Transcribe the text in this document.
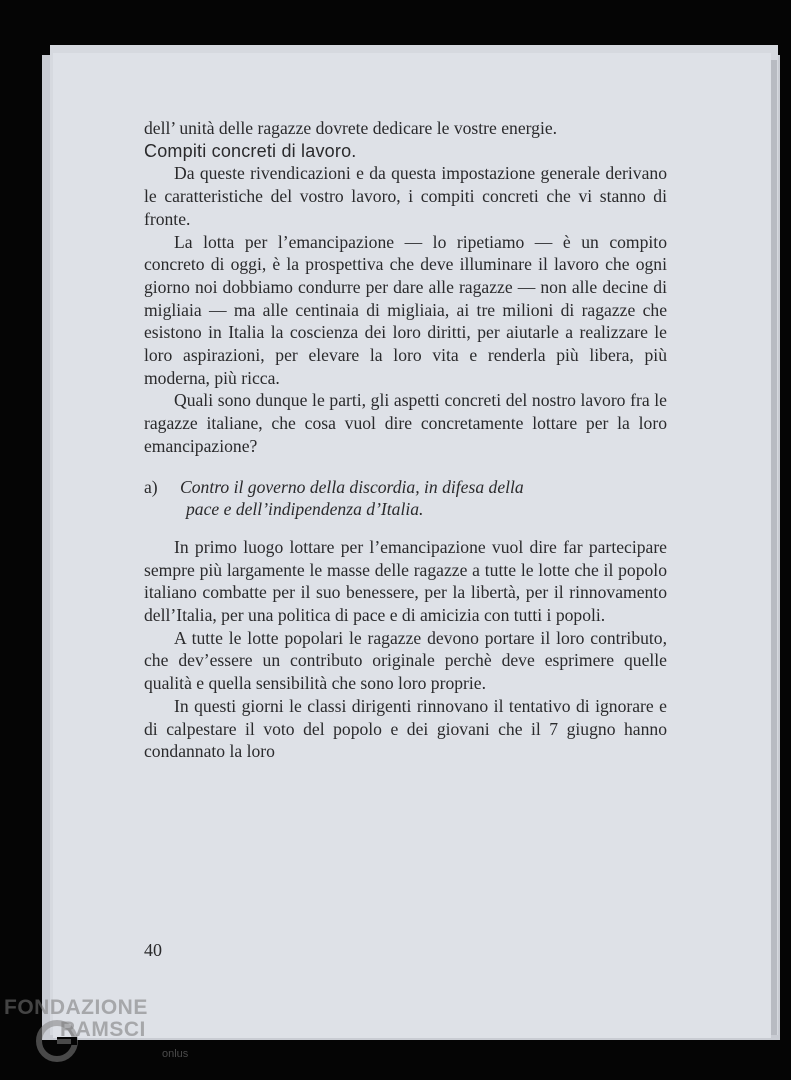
dell’ unità delle ragazze dovrete dedicare le vostre energie.

Compiti concreti di lavoro.

Da queste rivendicazioni e da questa impostazione generale derivano le caratteristiche del vostro lavoro, i compiti concreti che vi stanno di fronte.

La lotta per l’emancipazione — lo ripetiamo — è un compito concreto di oggi, è la prospettiva che deve illuminare il lavoro che ogni giorno noi dobbiamo condurre per dare alle ragazze — non alle decine di migliaia — ma alle centinaia di migliaia, ai tre milioni di ragazze che esistono in Italia la coscienza dei loro diritti, per aiutarle a realizzare le loro aspirazioni, per elevare la loro vita e renderla più libera, più moderna, più ricca.

Quali sono dunque le parti, gli aspetti concreti del nostro lavoro fra le ragazze italiane, che cosa vuol dire concretamente lottare per la loro emancipazione?

a)	Contro il governo della discordia, in difesa della
pace e dell’indipendenza d’Italia.

In primo luogo lottare per l’emancipazione vuol dire far partecipare sempre più largamente le masse delle ragazze a tutte le lotte che il popolo italiano combatte per il suo benessere, per la libertà, per il rinnovamento dell’Italia, per una politica di pace e di amicizia con tutti i popoli.

A tutte le lotte popolari le ragazze devono portare il loro contributo, che dev’essere un contributo originale perchè deve esprimere quelle qualità e quella sensibilità che sono loro proprie.

In questi giorni le classi dirigenti rinnovano il tentativo di ignorare e di calpestare il voto del popolo e dei giovani che il 7 giugno hanno condannato la loro

40
FONDAZIONE
RAMSCI
onlus
